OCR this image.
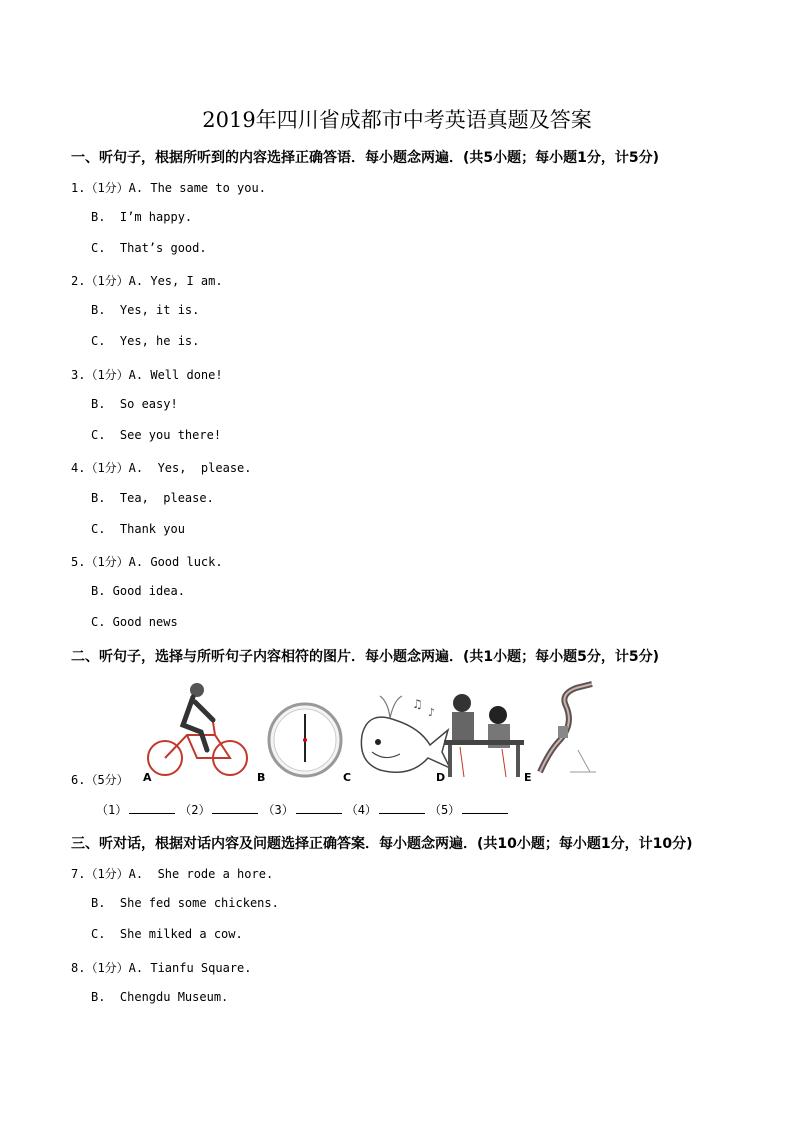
2019年四川省成都市中考英语真题及答案
一、听句子，根据所听到的内容选择正确答语．每小题念两遍．(共5小题；每小题1分，计5分)
1.（1分）A. The same to you.
B.  I’m happy.
C.  That’s good.
2.（1分）A. Yes, I am.
B.  Yes, it is.
C.  Yes, he is.
3.（1分）A. Well done!
B.  So easy!
C.  See you there!
4.（1分）A.  Yes,  please.
B.  Tea,  please.
C.  Thank you
5.（1分）A. Good luck.
B. Good idea.
C. Good news
二、听句子，选择与所听句子内容相符的图片．每小题念两遍．(共1小题；每小题5分，计5分)
6.（5分） A	B
♫
♪
C	D	E
（1）	（2）	（3）	（4）	（5）
三、听对话，根据对话内容及问题选择正确答案．每小题念两遍．(共10小题；每小题1分，计10分)
7.（1分）A.  She rode a hore.
B.  She fed some chickens.
C.  She milked a cow.
8.（1分）A. Tianfu Square.
B.  Chengdu Museum.
